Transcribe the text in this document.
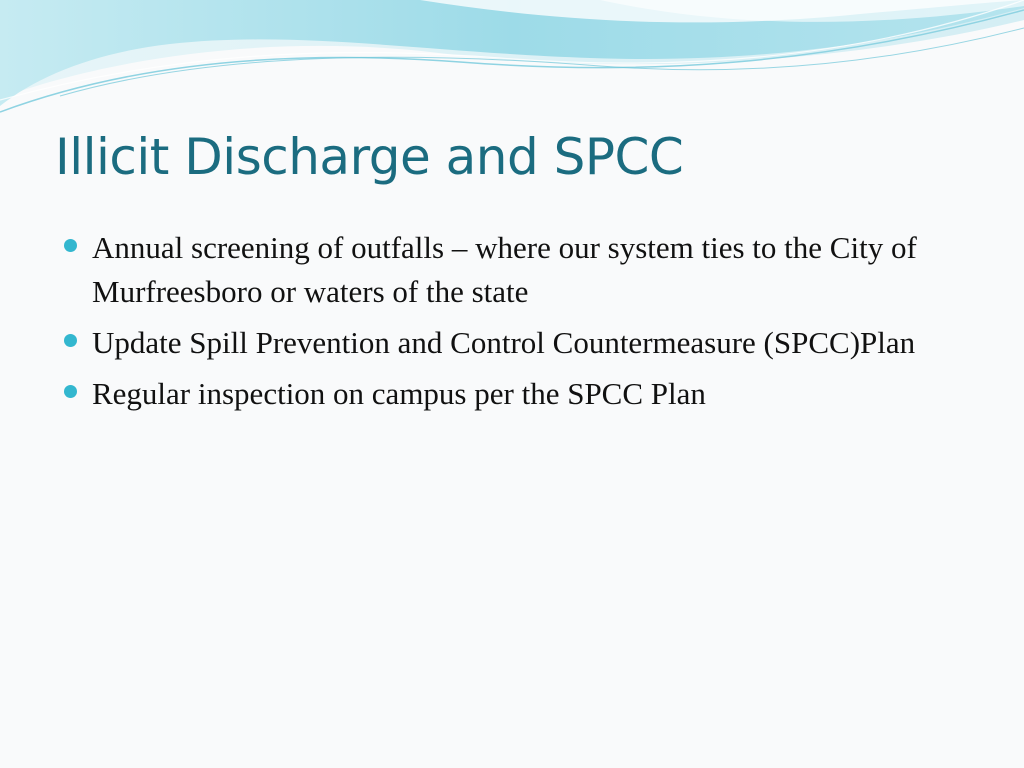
Illicit Discharge and SPCC
Annual screening of outfalls – where our system ties to the City of Murfreesboro or waters of the state
Update Spill Prevention and Control Countermeasure (SPCC)Plan
Regular inspection on campus per the SPCC Plan
